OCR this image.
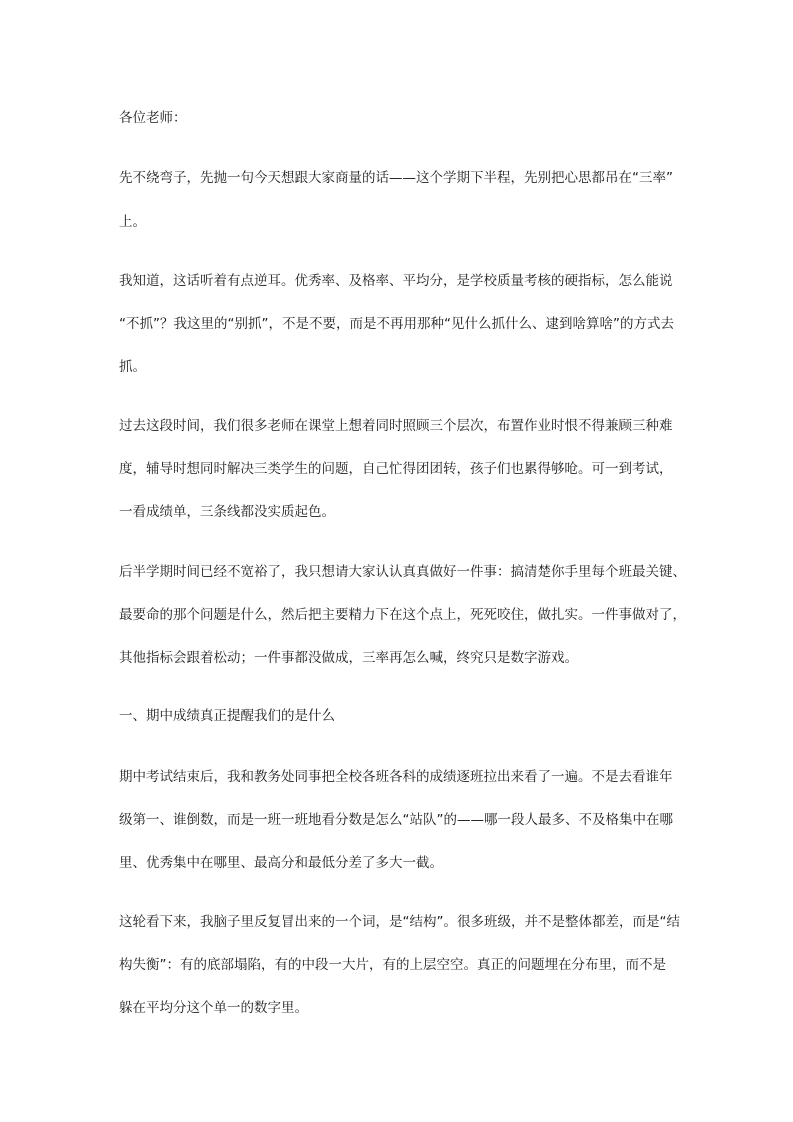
各位老师：
先不绕弯子，先抛一句今天想跟大家商量的话——这个学期下半程，先别把心思都吊在“三率”
上。
我知道，这话听着有点逆耳。优秀率、及格率、平均分，是学校质量考核的硬指标，怎么能说
“不抓”？我这里的“别抓”，不是不要，而是不再用那种“见什么抓什么、逮到啥算啥”的方式去
抓。
过去这段时间，我们很多老师在课堂上想着同时照顾三个层次，布置作业时恨不得兼顾三种难
度，辅导时想同时解决三类学生的问题，自己忙得团团转，孩子们也累得够呛。可一到考试，
一看成绩单，三条线都没实质起色。
后半学期时间已经不宽裕了，我只想请大家认认真真做好一件事：搞清楚你手里每个班最关键、
最要命的那个问题是什么，然后把主要精力下在这个点上，死死咬住，做扎实。一件事做对了，
其他指标会跟着松动；一件事都没做成，三率再怎么喊，终究只是数字游戏。
一、期中成绩真正提醒我们的是什么
期中考试结束后，我和教务处同事把全校各班各科的成绩逐班拉出来看了一遍。不是去看谁年
级第一、谁倒数，而是一班一班地看分数是怎么“站队”的——哪一段人最多、不及格集中在哪
里、优秀集中在哪里、最高分和最低分差了多大一截。
这轮看下来，我脑子里反复冒出来的一个词，是“结构”。很多班级，并不是整体都差，而是“结
构失衡”：有的底部塌陷，有的中段一大片，有的上层空空。真正的问题埋在分布里，而不是
躲在平均分这个单一的数字里。
